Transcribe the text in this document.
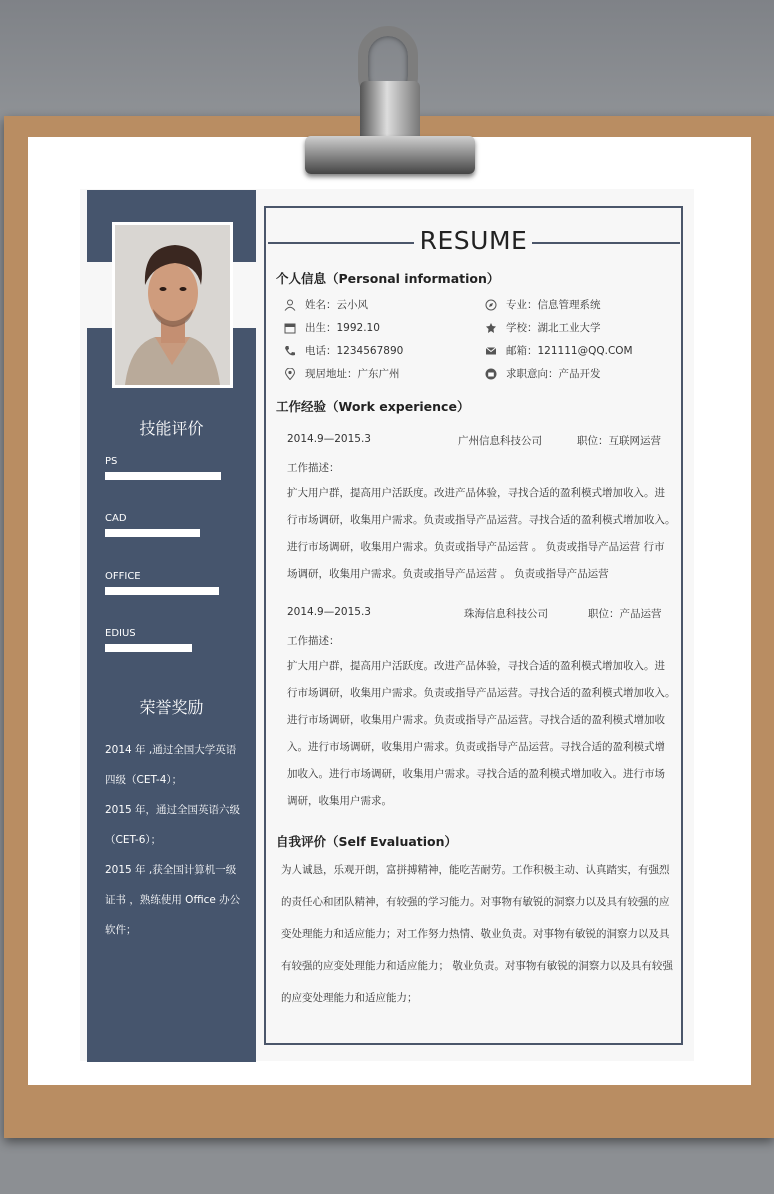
技能评价
PS
CAD
OFFICE
EDIUS
荣誉奖励

2014 年 ,通过全国大学英语四级（CET-4）；

2015 年，通过全国英语六级（CET-6）；

2015 年 ,获全国计算机一级证书 ，熟练使用 Office 办公软件；

RESUME
个人信息（Personal information）
姓名：云小风	专业：信息管理系统
出生：1992.10	学校：湖北工业大学
电话：1234567890	邮箱：121111@QQ.COM
现居地址：广东广州	求职意向：产品开发
工作经验（Work experience）
2014.9—2015.3	广州信息科技公司	职位：互联网运营
工作描述：

扩大用户群，提高用户活跃度。改进产品体验，寻找合适的盈利模式增加收入。进

行市场调研，收集用户需求。负责或指导产品运营。寻找合适的盈利模式增加收入。

进行市场调研，收集用户需求。负责或指导产品运营 。 负责或指导产品运营 行市

场调研，收集用户需求。负责或指导产品运营 。 负责或指导产品运营

2014.9—2015.3	珠海信息科技公司	职位：产品运营
工作描述：

扩大用户群，提高用户活跃度。改进产品体验，寻找合适的盈利模式增加收入。进

行市场调研，收集用户需求。负责或指导产品运营。寻找合适的盈利模式增加收入。

进行市场调研，收集用户需求。负责或指导产品运营。寻找合适的盈利模式增加收

入。进行市场调研，收集用户需求。负责或指导产品运营。寻找合适的盈利模式增

加收入。进行市场调研，收集用户需求。寻找合适的盈利模式增加收入。进行市场

调研，收集用户需求。

自我评价（Self Evaluation）

为人诚恳，乐观开朗，富拼搏精神，能吃苦耐劳。工作积极主动、认真踏实，有强烈

的责任心和团队精神，有较强的学习能力。对事物有敏锐的洞察力以及具有较强的应

变处理能力和适应能力；对工作努力热情、敬业负责。对事物有敏锐的洞察力以及具

有较强的应变处理能力和适应能力； 敬业负责。对事物有敏锐的洞察力以及具有较强

的应变处理能力和适应能力；
